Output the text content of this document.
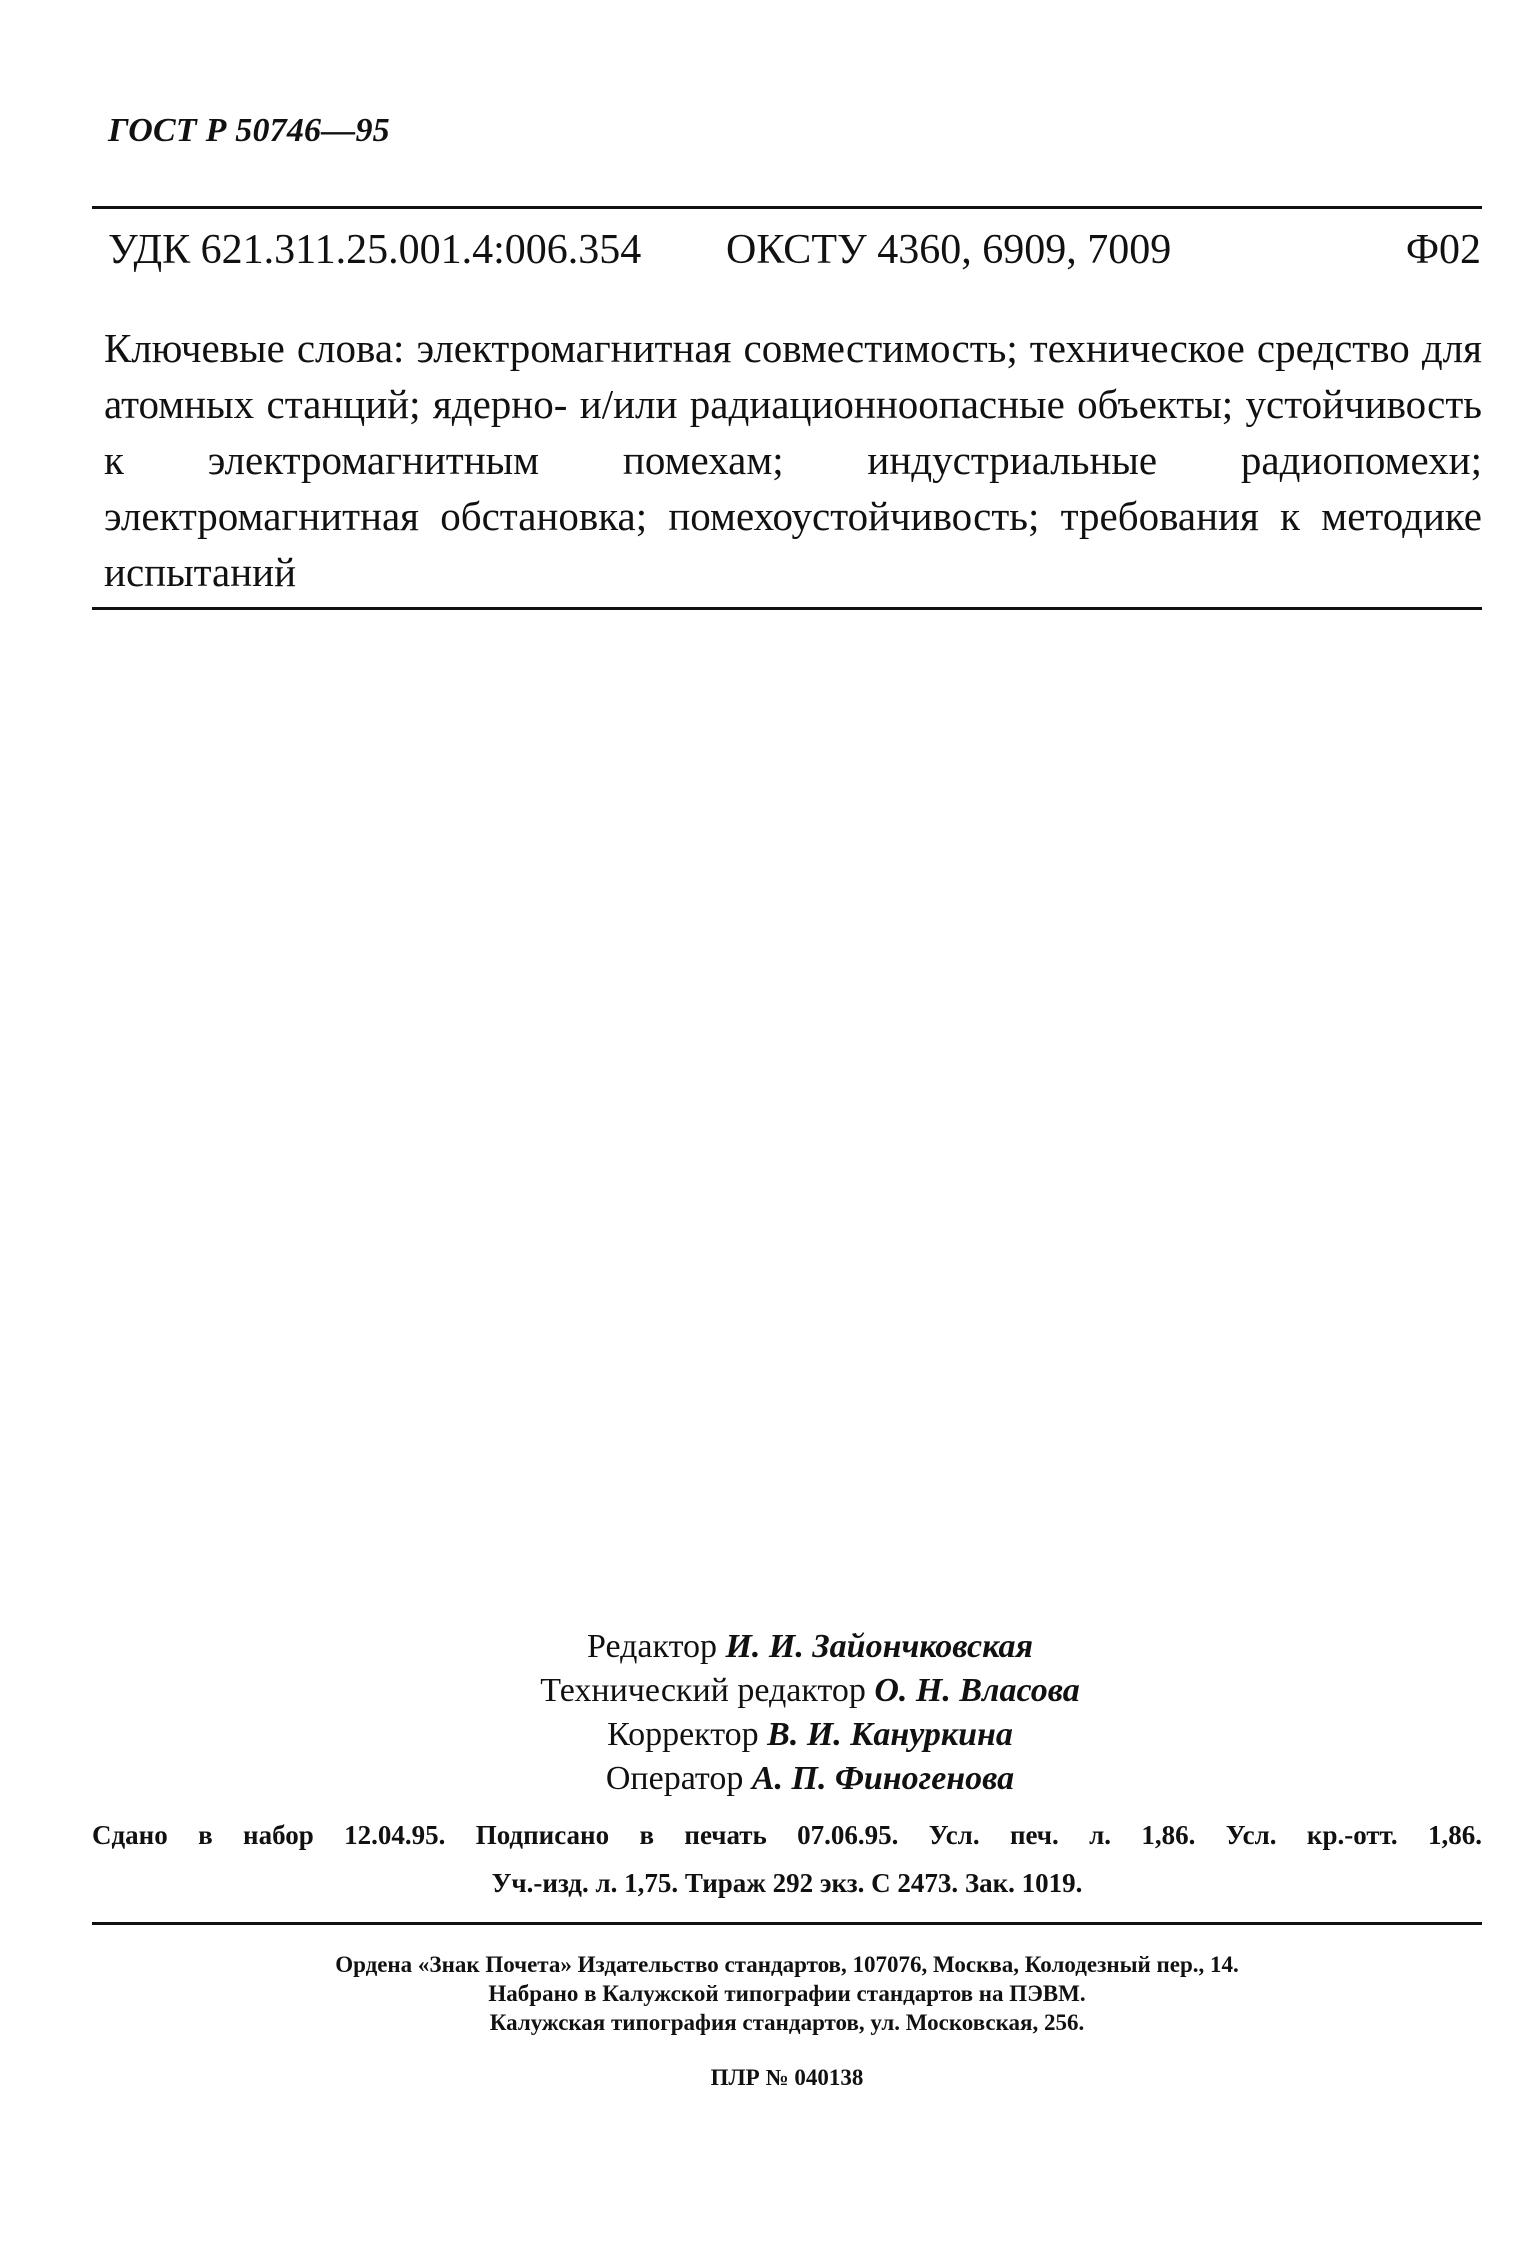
ГОСТ Р 50746—95
УДК 621.311.25.001.4:006.354 ОКСТУ 4360, 6909, 7009	Ф02
Ключевые слова: электромагнитная совместимость; техническое средство для атомных станций; ядерно- и/или радиационноопасные объекты; устойчивость к электромагнитным помехам; индустриальные радиопомехи; электромагнитная обстановка; помехоустойчивость; требования к методике испытаний
Редактор И. И. Зайончковская
Технический редактор О. Н. Власова
Корректор В. И. Кануркина
Оператор А. П. Финогенова
Сдано в набор 12.04.95. Подписано в печать 07.06.95. Усл. печ. л. 1,86. Усл. кр.-отт. 1,86.
Уч.-изд. л. 1,75. Тираж 292 экз. С 2473. Зак. 1019.
Ордена «Знак Почета» Издательство стандартов, 107076, Москва, Колодезный пер., 14.
Набрано в Калужской типографии стандартов на ПЭВМ.
Калужская типография стандартов, ул. Московская, 256.
ПЛР № 040138
